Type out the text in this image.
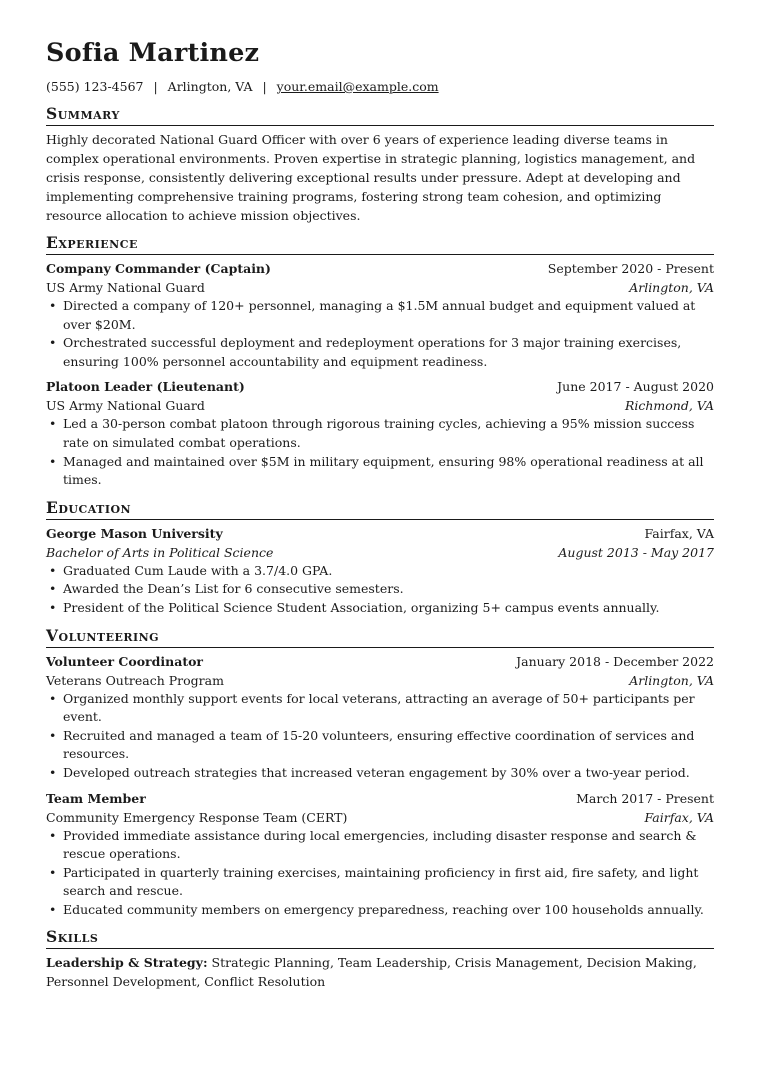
Sofia Martinez
(555) 123-4567 | Arlington, VA | your.email@example.com
Summary

Highly decorated National Guard Officer with over 6 years of experience leading diverse teams in complex operational environments. Proven expertise in strategic planning, logistics management, and crisis response, consistently delivering exceptional results under pressure. Adept at developing and implementing comprehensive training programs, fostering strong team cohesion, and optimizing resource allocation to achieve mission objectives.

Experience
Company Commander (Captain)	September 2020 - Present
US Army National Guard	Arlington, VA
• Directed a company of 120+ personnel, managing a $1.5M annual budget and equipment valued at over $20M.
• Orchestrated successful deployment and redeployment operations for 3 major training exercises, ensuring 100% personnel accountability and equipment readiness.
Platoon Leader (Lieutenant)	June 2017 - August 2020
US Army National Guard	Richmond, VA
• Led a 30-person combat platoon through rigorous training cycles, achieving a 95% mission success rate on simulated combat operations.
• Managed and maintained over $5M in military equipment, ensuring 98% operational readiness at all times.
Education
George Mason University	Fairfax, VA
Bachelor of Arts in Political Science	August 2013 - May 2017
• Graduated Cum Laude with a 3.7/4.0 GPA.
• Awarded the Dean’s List for 6 consecutive semesters.
• President of the Political Science Student Association, organizing 5+ campus events annually.
Volunteering
Volunteer Coordinator	January 2018 - December 2022
Veterans Outreach Program	Arlington, VA
• Organized monthly support events for local veterans, attracting an average of 50+ participants per event.
• Recruited and managed a team of 15-20 volunteers, ensuring effective coordination of services and resources.
• Developed outreach strategies that increased veteran engagement by 30% over a two-year period.
Team Member	March 2017 - Present
Community Emergency Response Team (CERT)	Fairfax, VA
• Provided immediate assistance during local emergencies, including disaster response and search & rescue operations.
• Participated in quarterly training exercises, maintaining proficiency in first aid, fire safety, and light search and rescue.
• Educated community members on emergency preparedness, reaching over 100 households annually.
Skills
Leadership & Strategy: Strategic Planning, Team Leadership, Crisis Management, Decision Making, Personnel Development, Conflict Resolution
